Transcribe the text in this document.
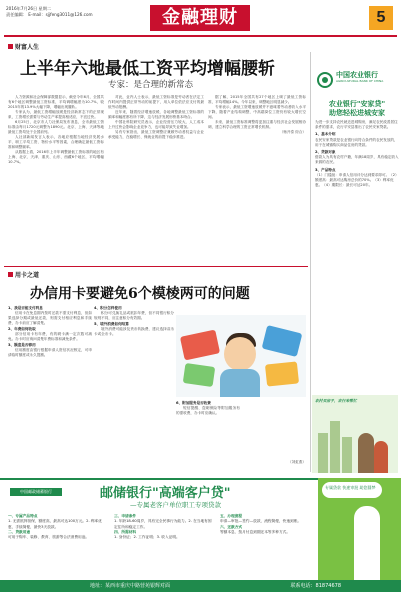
2016年7月26日 星期二
责任编辑： E-mail：sjjfeng3011@126.com	金融理财	5
财富人生
上半年六地最低工资平均增幅腰斩
专家：是合理的新常态

人力资源和社会保障部数据显示，截至今年6月，全国共有6个地区调整最低工资标准，平均调增幅度为10.7%，较2015年的13.9%大幅下降，增幅出现腰斩。

专家认为，最低工资增幅放缓是经济新常态下的正常现象，工资增长需要与劳动生产率提高相适应，不宜过快。

6月25日，北京市人力社保局发布消息，全市最低工资标准由每月1720元调整为1890元。北京、上海、天津等地最低工资均处于全国前列。

人社部新闻发言人表示，各地应根据当地经济发展水平、职工平均工资、物价水平等因素，合理确定最低工资标准和调整频率。

从数据上看，2016年上半年调整最低工资标准的地区有上海、北京、天津、重庆、山东、西藏6个地区，平均增幅10.7%。

对此，业内人士表示，最低工资标准是劳动者在法定工作时间内提供正常劳动的前提下，用人单位依法应支付的最低劳动报酬。

近年来，随着经济增速放缓，各地调整最低工资标准的频率和幅度都有所下降，这与经济发展形势基本吻合。

中国社科院研究员表示，企业经营压力较大，人工成本上升过快会影响企业竞争力，也可能导致失业增加。

另有专家指出，最低工资调整应兼顾劳动者权益与企业承受能力，在稳增长、保就业的前提下稳步推进。

据了解，2015年全国共有27个地区上调了最低工资标准，平均增幅14%。今年以来，调整地区明显减少。

专家表示，最低工资增速放缓并不意味着劳动者收入水平下降，随着产业结构调整，中高端岗位工资仍有较大增长空间。

未来，最低工资标准调整将更加注重与经济社会发展相协调，建立科学合理的工资正常增长机制。

（杨开泰 综合）

用卡之道
办信用卡要避免6个模棱两可的问题

1、我是否能支付利息

信用卡在免息期内按时还款不需支付利息，但如果选择分期或最低还款，则需支付相应利息和手续费，办卡前应了解清楚。

2、年费如何收取

部分信用卡有年费，有的刷卡满一定次数可减免。办卡时应询问清楚年费标准和减免条件。

3、额度是否够用

信用额度由银行根据申请人资信状况核定，可申请临时额度或永久提额。

4、积分怎样使用

积分可兑换礼品或抵扣年费，但不同银行积分规则不同，应注意积分有效期。

5、境外消费如何结算

境外消费可能涉及货币转换费，建议选择双币卡或全币卡。

6、附加服务是否收费

短信提醒、盗刷保险等附加服务有的需收费，办卡时应确认。

（刘虹燕）

中国农业银行
AGRICULTURAL BANK OF CHINA
农业银行"安家贷"
助您轻松进城安家

为进一步支持农民就近进城购房，满足农民改善居住条件的需求，农行平安县推出了农民安家贷款。

1、基本介绍

农民安家贷款是农业银行向符合条件的农民发放的，用于在城镇购买商品住房的贷款。

2、贷款对象

借款人为具有农村户籍，年满18周岁，具有稳定收入来源的农民。

3、产品特点

（1）门槛低：申请人信用评分达到要求即可。（2）额度高：最高可达购房总价的70%。（3）利率优惠。（4）期限长：最长可达20年。

农村买房子，农行来帮忙
中国邮政储蓄银行	邮储银行"高端客户贷"
—专属老客户单位职工专项贷款

一、专属产品特点

1. 无需抵押担保，额度高，最高可达100万元。2. 利率优惠，手续简便，最快3天放款。

二、贷款用途

可用于购车、装修、教育、旅游等合法消费用途。

三、申请条件

1. 年龄18-60周岁，具有完全民事行为能力。2. 在当地有固定住所和稳定工作。

四、所需材料

1. 身份证；2. 工作证明；3. 收入证明。

五、办理流程

申请—审批—签约—放款，流程简便，快速到账。

六、还款方式

等额本息、按月付息到期还本等多种方式。

专属贷款 快速审批 助您圆梦
地址：某西市重庆中路营苑银辉对面	联系电话：81874678
